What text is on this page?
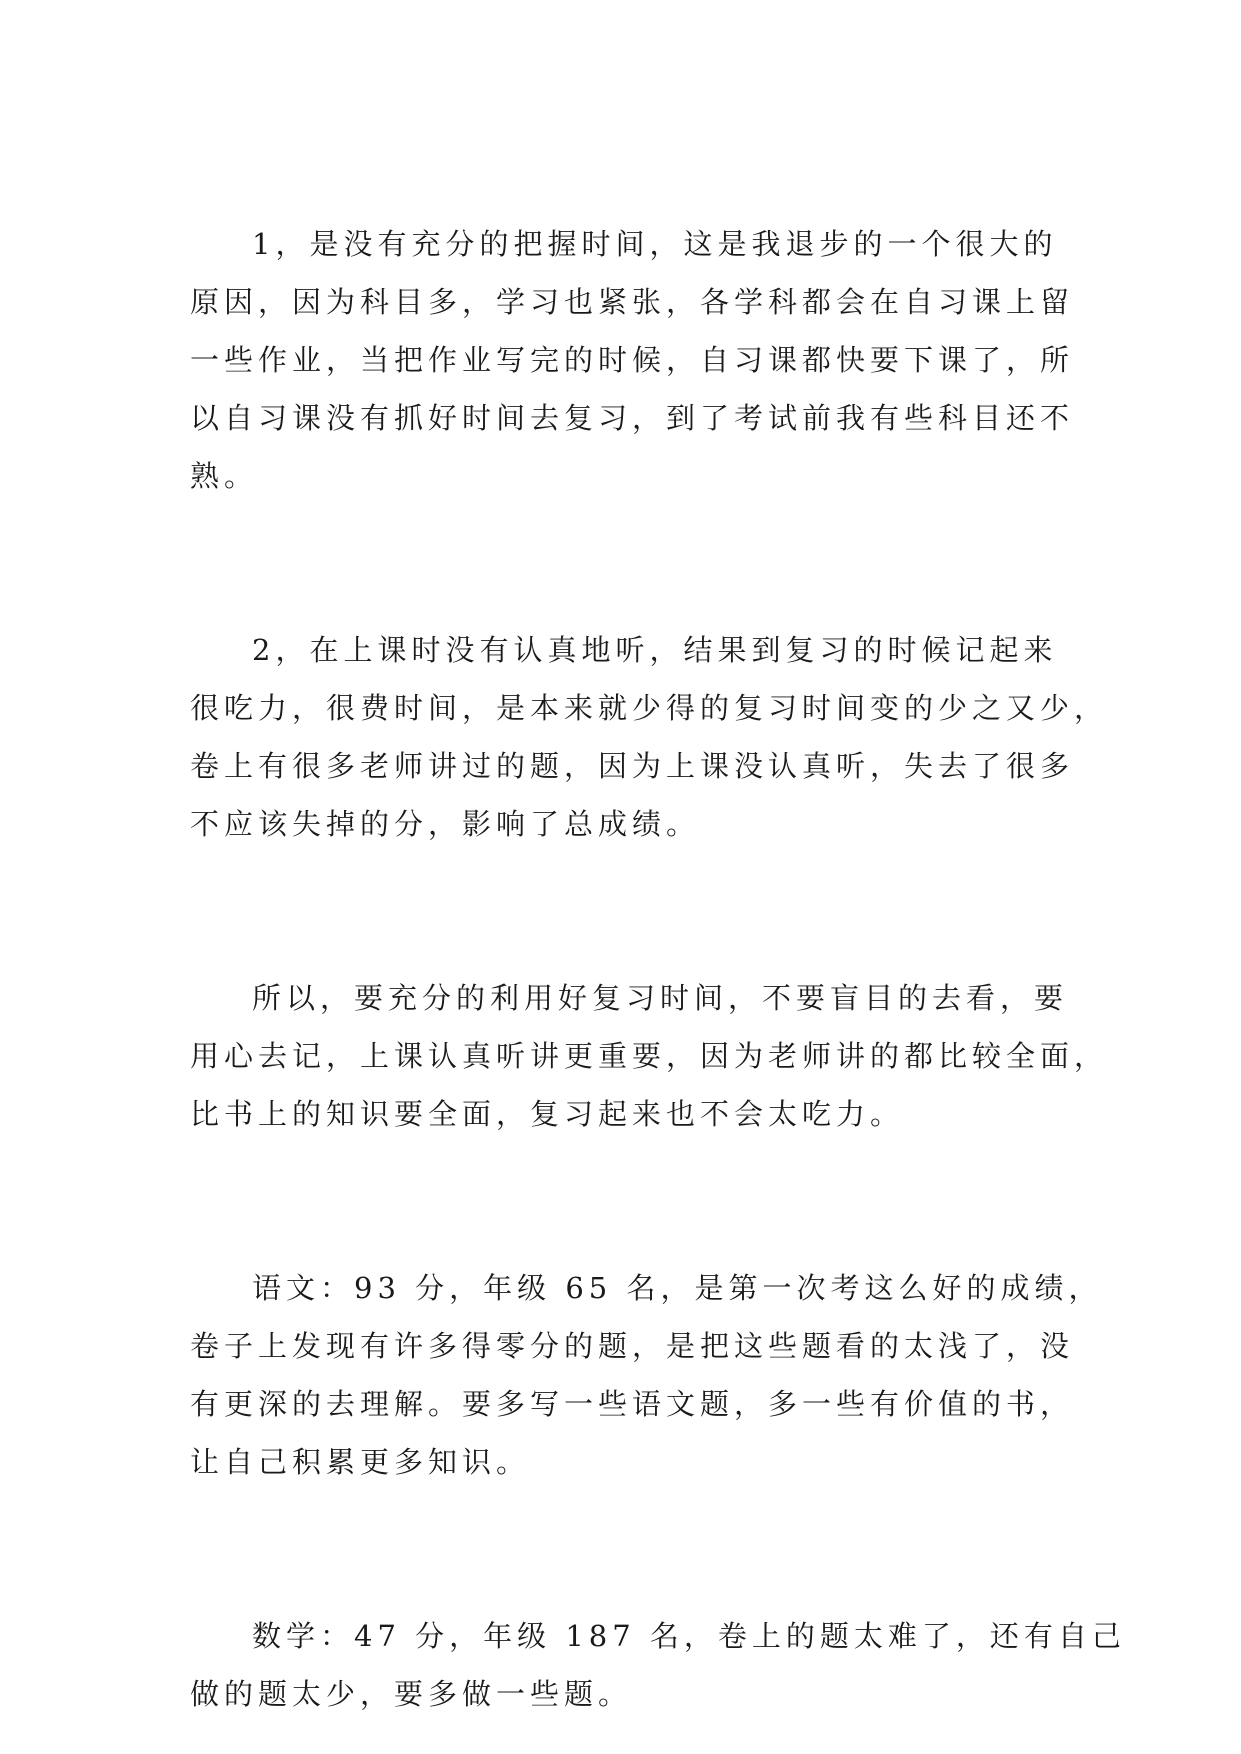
1，是没有充分的把握时间，这是我退步的一个很大的
原因，因为科目多，学习也紧张，各学科都会在自习课上留
一些作业，当把作业写完的时候，自习课都快要下课了，所
以自习课没有抓好时间去复习，到了考试前我有些科目还不
熟。
2，在上课时没有认真地听，结果到复习的时候记起来
很吃力，很费时间，是本来就少得的复习时间变的少之又少，
卷上有很多老师讲过的题，因为上课没认真听，失去了很多
不应该失掉的分，影响了总成绩。
所以，要充分的利用好复习时间，不要盲目的去看，要
用心去记，上课认真听讲更重要，因为老师讲的都比较全面，
比书上的知识要全面，复习起来也不会太吃力。
语文：93 分，年级 65 名，是第一次考这么好的成绩，
卷子上发现有许多得零分的题，是把这些题看的太浅了，没
有更深的去理解。要多写一些语文题，多一些有价值的书，
让自己积累更多知识。
数学：47 分，年级 187 名，卷上的题太难了，还有自己
做的题太少，要多做一些题。
